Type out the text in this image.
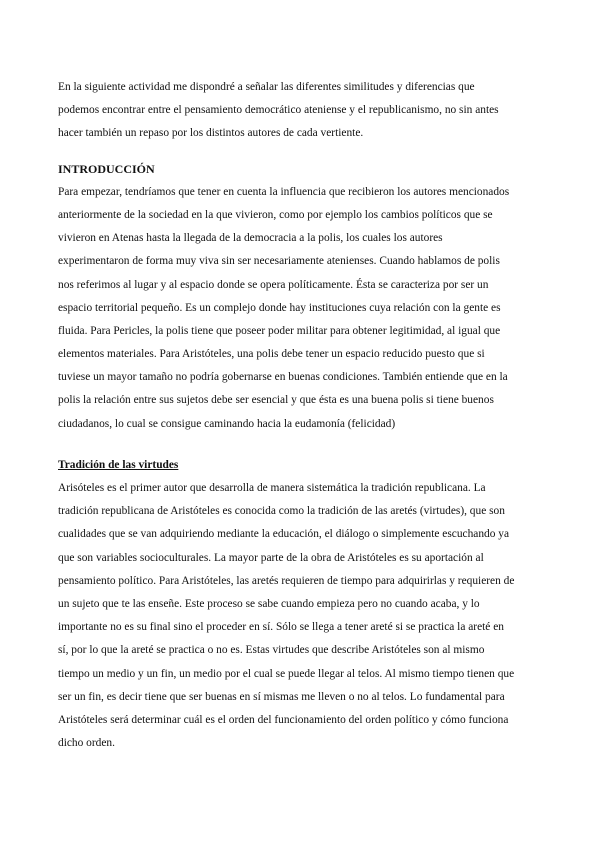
En la siguiente actividad me dispondré a señalar las diferentes similitudes y diferencias que
podemos encontrar entre el pensamiento democrático ateniense y el republicanismo, no sin antes
hacer también un repaso por los distintos autores de cada vertiente.
INTRODUCCIÓN
Para empezar, tendríamos que tener en cuenta la influencia que recibieron los autores mencionados
anteriormente de la sociedad en la que vivieron, como por ejemplo los cambios políticos que se
vivieron en Atenas hasta la llegada de la democracia a la polis, los cuales los autores
experimentaron de forma muy viva sin ser necesariamente atenienses. Cuando hablamos de polis
nos referimos al lugar y al espacio donde se opera políticamente. Ésta se caracteriza por ser un
espacio territorial pequeño. Es un complejo donde hay instituciones cuya relación con la gente es
fluida. Para Pericles, la polis tiene que poseer poder militar para obtener legitimidad, al igual que
elementos materiales. Para Aristóteles, una polis debe tener un espacio reducido puesto que si
tuviese un mayor tamaño no podría gobernarse en buenas condiciones. También entiende que en la
polis la relación entre sus sujetos debe ser esencial y que ésta es una buena polis si tiene buenos
ciudadanos, lo cual se consigue caminando hacia la eudamonía (felicidad)
Tradición de las virtudes
Arisóteles es el primer autor que desarrolla de manera sistemática la tradición republicana. La
tradición republicana de Aristóteles es conocida como la tradición de las aretés (virtudes), que son
cualidades que se van adquiriendo mediante la educación, el diálogo o simplemente escuchando ya
que son variables socioculturales. La mayor parte de la obra de Aristóteles es su aportación al
pensamiento político. Para Aristóteles, las aretés requieren de tiempo para adquirirlas y requieren de
un sujeto que te las enseñe. Este proceso se sabe cuando empieza pero no cuando acaba, y lo
importante no es su final sino el proceder en sí. Sólo se llega a tener areté si se practica la areté en
sí, por lo que la areté se practica o no es. Estas virtudes que describe Aristóteles son al mismo
tiempo un medio y un fin, un medio por el cual se puede llegar al telos. Al mismo tiempo tienen que
ser un fin, es decir tiene que ser buenas en sí mismas me lleven o no al telos. Lo fundamental para
Aristóteles será determinar cuál es el orden del funcionamiento del orden político y cómo funciona
dicho orden.
